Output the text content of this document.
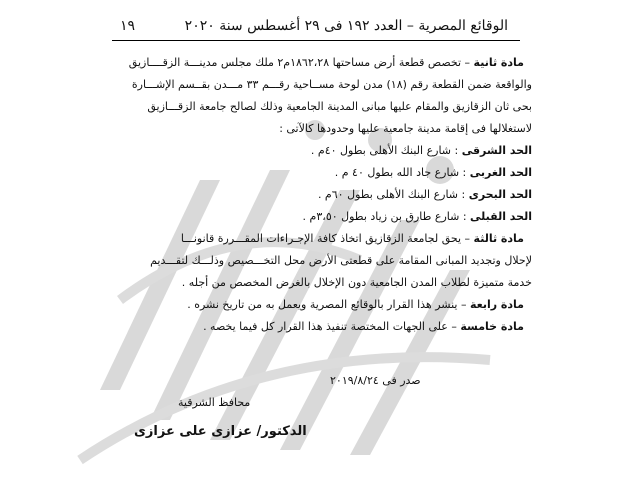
الوقائع المصرية – العدد ١٩٢ فى ٢٩ أغسطس سنة ٢٠٢٠
١٩
مادة ثانية – تخصص قطعة أرض مساحتها ١٨٦٢،٢٨م٢ ملك مجلس مدينـــة الزقــــازيق
والواقعة ضمن القطعة رقم (١٨) مدن لوحة مســاحية رقـــم ٣٣ مـــدن بقــسم الإشـــارة
بحى ثان الزقازيق والمقام عليها مبانى المدينة الجامعية وذلك لصالح جامعة الزقـــازيق
لاستغلالها فى إقامة مدينة جامعية عليها وحدودها كالآتى :
الحد الشرقى : شارع البنك الأهلى بطول ٤٠م .
الحد الغربى : شارع جاد الله بطول ٤٠ م .
الحد البحرى : شارع البنك الأهلى بطول ٦٠م .
الحد القبلى : شارع طارق بن زياد بطول ٣،٥٠م .
مادة ثالثة – يحق لجامعة الزقازيق اتخاذ كافة الإجـراءات المقـــررة قانونـــا
لإحلال وتجديد المبانى المقامة على قطعتى الأرض محل التخـــصيص وذلـــك لتقـــديم
خدمة متميزة لطلاب المدن الجامعية دون الإخلال بالغرض المخصص من أجله .
مادة رابعة – ينشر هذا القرار بالوقائع المصرية ويعمل به من تاريخ نشره .
مادة خامسة – على الجهات المختصة تنفيذ هذا القرار كل فيما يخصه .
صدر فى ٢٠١٩/٨/٢٤
محافظ الشرقية
الدكتور/ عزازى على عزازى
